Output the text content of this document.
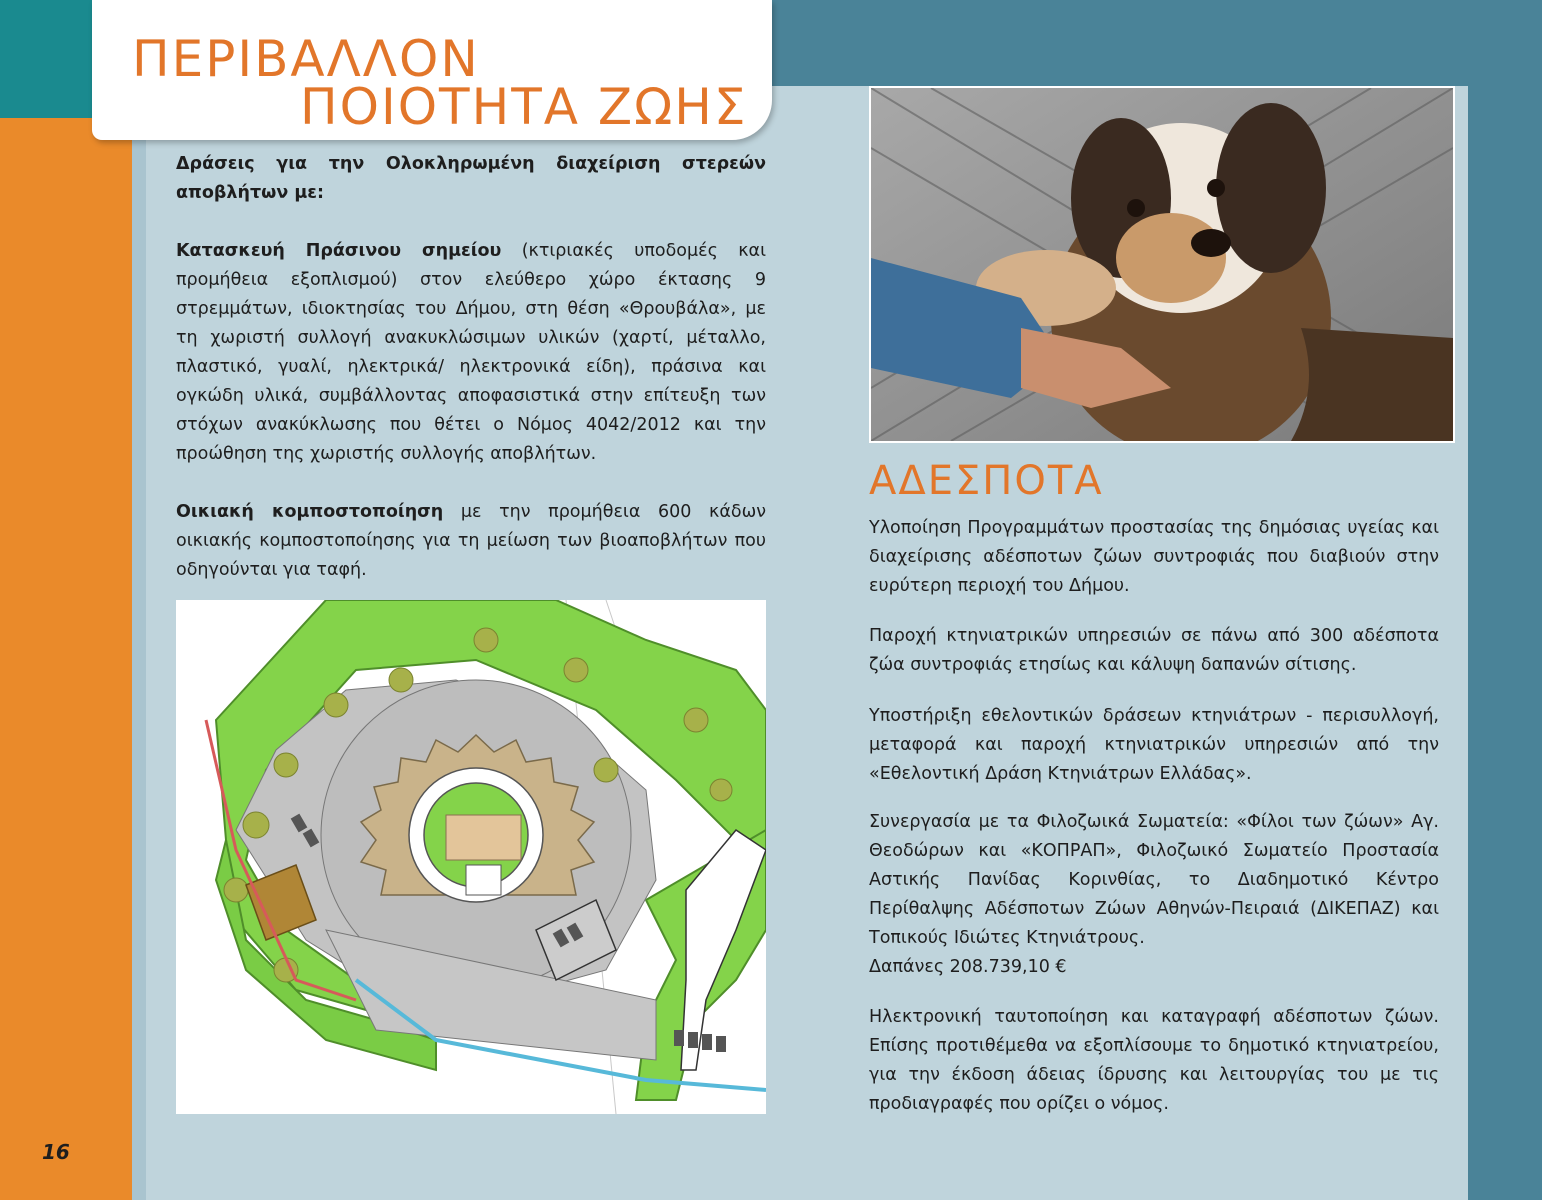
ΠΕΡΙΒΑΛΛΟΝ
ΠΟΙΟΤΗΤΑ ΖΩΗΣ

Δράσεις για την Ολοκληρωμένη διαχείριση στερεών αποβλήτων με:

Κατασκευή Πράσινου σημείου (κτιριακές υποδομές και προμήθεια εξοπλισμού) στον ελεύθερο χώρο έκτασης 9 στρεμμάτων, ιδιοκτησίας του Δήμου, στη θέση «Θρουβάλα», με τη χωριστή συλλογή ανακυκλώσιμων υλικών (χαρτί, μέταλλο, πλαστικό, γυαλί, ηλεκτρικά/ ηλεκτρονικά είδη), πράσινα και ογκώδη υλικά, συμβάλλοντας αποφασιστικά στην επίτευξη των στόχων ανακύκλωσης που θέτει ο Νόμος 4042/2012 και την προώθηση της χωριστής συλλογής αποβλήτων.

Οικιακή κομποστοποίηση με την προμήθεια 600 κάδων οικιακής κομποστοποίησης για τη μείωση των βιοαποβλήτων που οδηγούνται για ταφή.

ΑΔΕΣΠΟΤΑ

Υλοποίηση Προγραμμάτων προστασίας της δημόσιας υγείας και διαχείρισης αδέσποτων ζώων συντροφιάς που διαβιούν στην ευρύτερη περιοχή του Δήμου.

Παροχή κτηνιατρικών υπηρεσιών σε πάνω από 300 αδέσποτα ζώα συντροφιάς ετησίως και κάλυψη δαπανών σίτισης.

Υποστήριξη εθελοντικών δράσεων κτηνιάτρων - περισυλλογή, μεταφορά και παροχή κτηνιατρικών υπηρεσιών από την «Εθελοντική Δράση Κτηνιάτρων Ελλάδας».

Συνεργασία με τα Φιλοζωικά Σωματεία: «Φίλοι των ζώων» Αγ. Θεοδώρων και «ΚΟΠΡΑΠ», Φιλοζωικό Σωματείο Προστασία Αστικής Πανίδας Κορινθίας, το Διαδημοτικό Κέντρο Περίθαλψης Αδέσποτων Ζώων Αθηνών-Πειραιά (ΔΙΚΕΠΑΖ) και Τοπικούς Ιδιώτες Κτηνιάτρους.

Δαπάνες 208.739,10 €

Ηλεκτρονική ταυτοποίηση και καταγραφή αδέσποτων ζώων. Επίσης προτιθέμεθα να εξοπλίσουμε το δημοτικό κτηνιατρείου, για την έκδοση άδειας ίδρυσης και λειτουργίας του με τις προδιαγραφές που ορίζει ο νόμος.

16
